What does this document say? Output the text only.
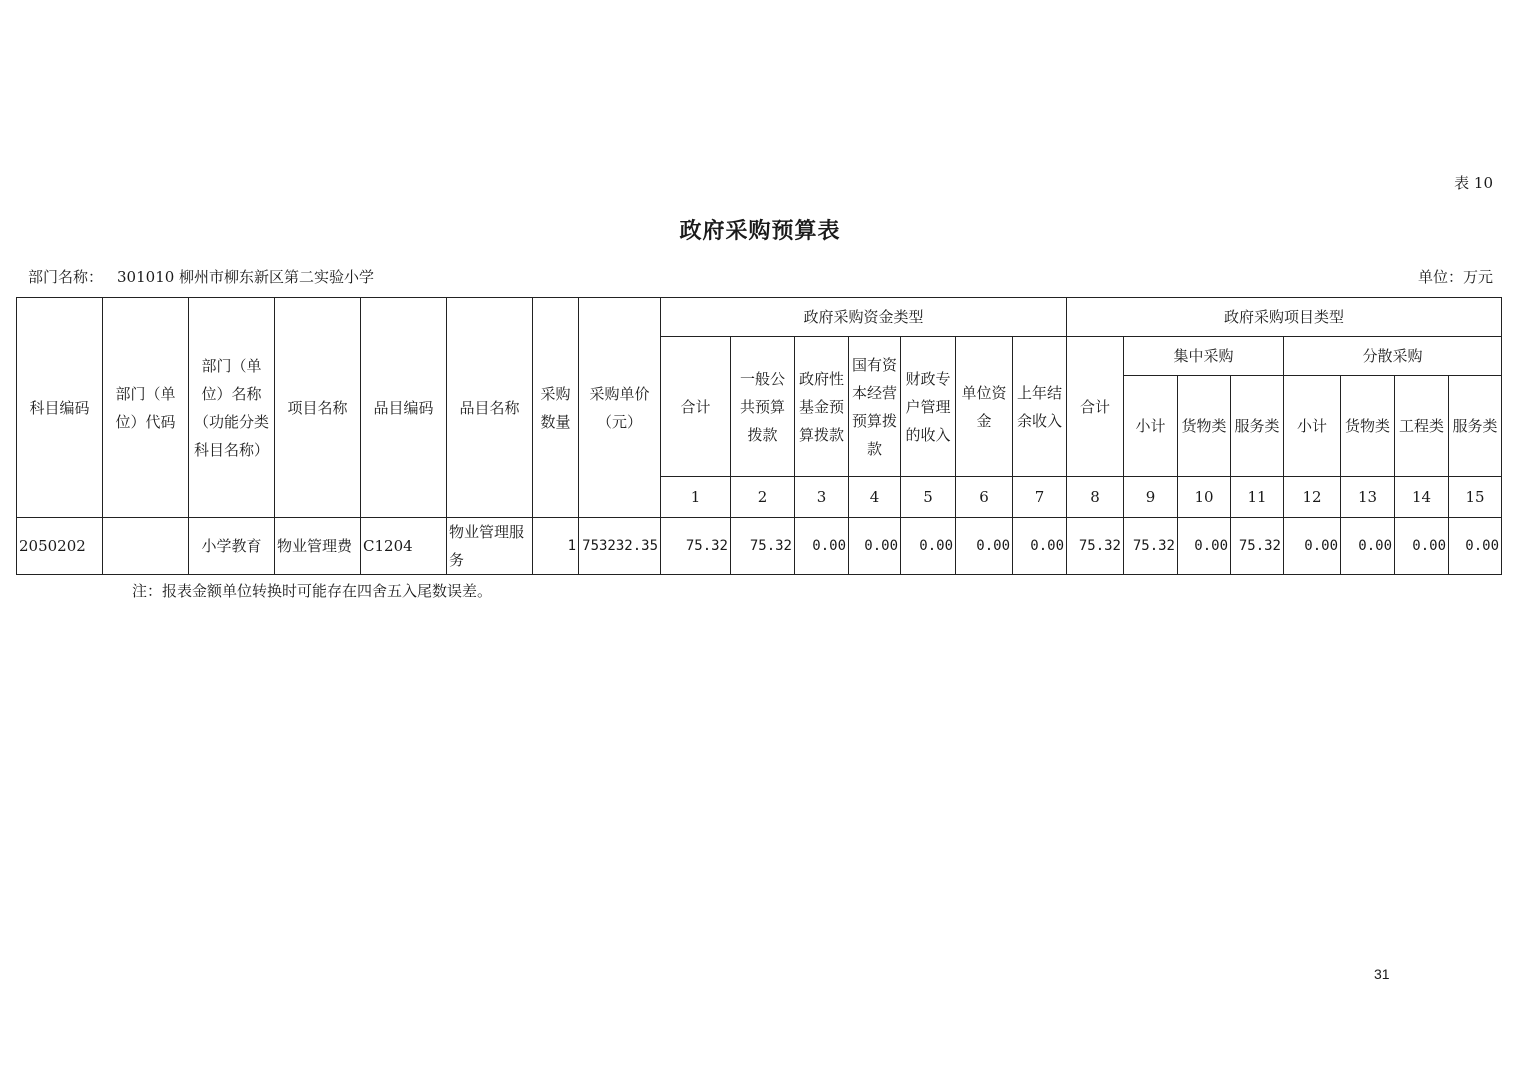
表 10
政府采购预算表
部门名称： 301010 柳州市柳东新区第二实验小学	单位：万元
科目编码	部门（单位）代码	部门（单位）名称（功能分类科目名称）	项目名称	品目编码	品目名称	采购数量	采购单价（元）	政府采购资金类型							政府采购项目类型							
								合计	一般公共预算拨款	政府性基金预算拨款	国有资本经营预算拨款	财政专户管理的收入	单位资金	上年结余收入	合计	集中采购			分散采购			
																小计	货物类	服务类	小计	货物类	工程类	服务类
								1	2	3	4	5	6	7	8	9	10	11	12	13	14	15
2050202		小学教育	物业管理费	C1204	物业管理服务	1	753232.35	75.32	75.32	0.00	0.00	0.00	0.00	0.00	75.32	75.32	0.00	75.32	0.00	0.00	0.00	0.00
注：报表金额单位转换时可能存在四舍五入尾数误差。
31
